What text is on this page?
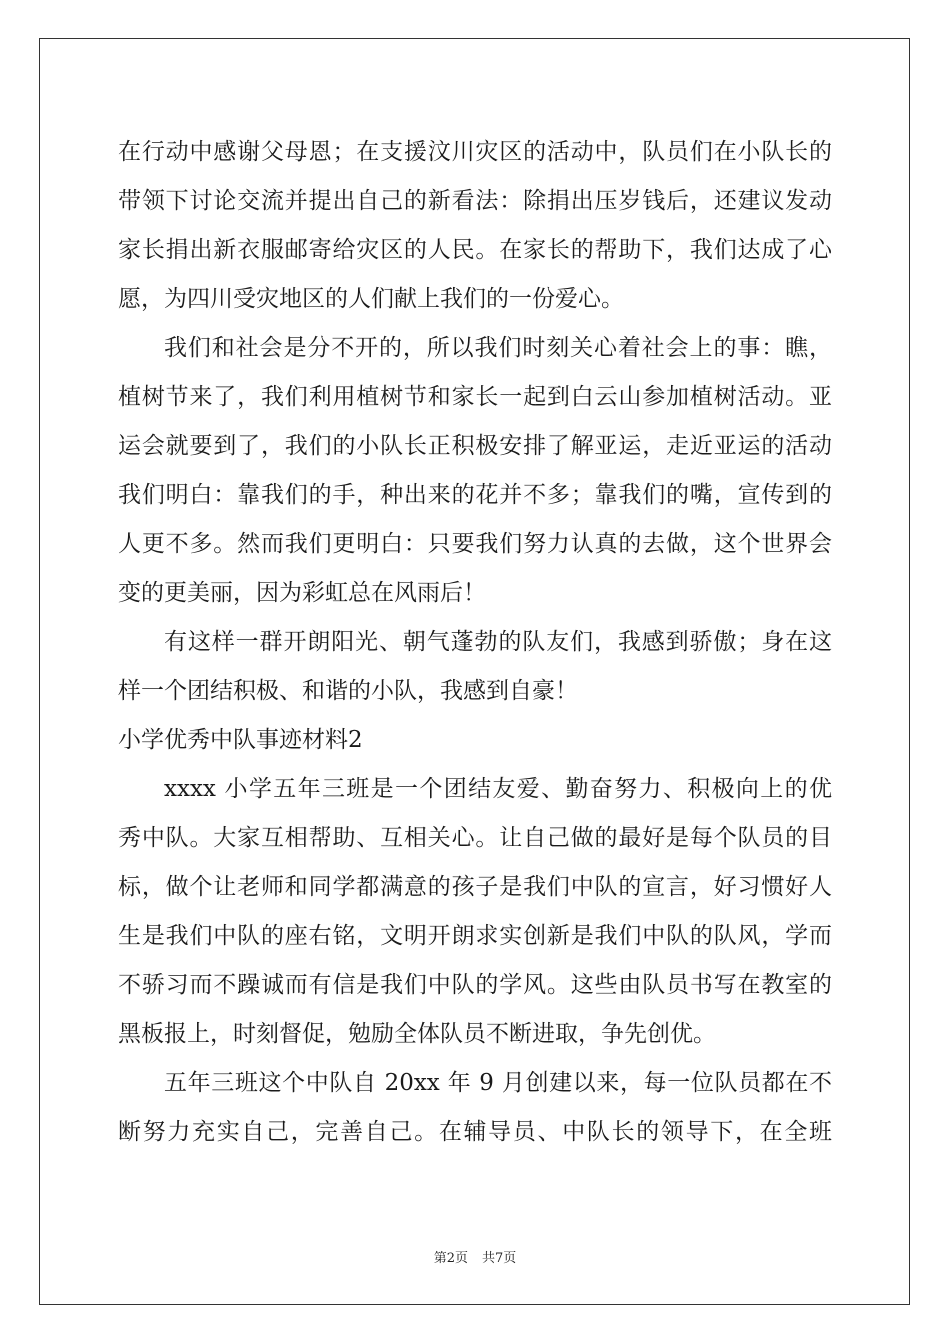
在行动中感谢父母恩；在支援汶川灾区的活动中，队员们在小队长的
带领下讨论交流并提出自己的新看法：除捐出压岁钱后，还建议发动
家长捐出新衣服邮寄给灾区的人民。在家长的帮助下，我们达成了心
愿，为四川受灾地区的人们献上我们的一份爱心。
我们和社会是分不开的，所以我们时刻关心着社会上的事：瞧，
植树节来了，我们利用植树节和家长一起到白云山参加植树活动。亚
运会就要到了，我们的小队长正积极安排了解亚运，走近亚运的活动
我们明白：靠我们的手，种出来的花并不多；靠我们的嘴，宣传到的
人更不多。然而我们更明白：只要我们努力认真的去做，这个世界会
变的更美丽，因为彩虹总在风雨后！
有这样一群开朗阳光、朝气蓬勃的队友们，我感到骄傲；身在这
样一个团结积极、和谐的小队，我感到自豪！
小学优秀中队事迹材料2
xxxx 小学五年三班是一个团结友爱、勤奋努力、积极向上的优
秀中队。大家互相帮助、互相关心。让自己做的最好是每个队员的目
标，做个让老师和同学都满意的孩子是我们中队的宣言，好习惯好人
生是我们中队的座右铭，文明开朗求实创新是我们中队的队风，学而
不骄习而不躁诚而有信是我们中队的学风。这些由队员书写在教室的
黑板报上，时刻督促，勉励全体队员不断进取，争先创优。
五年三班这个中队自 20xx 年 9 月创建以来，每一位队员都在不
断努力充实自己，完善自己。在辅导员、中队长的领导下，在全班
第2页 共7页
